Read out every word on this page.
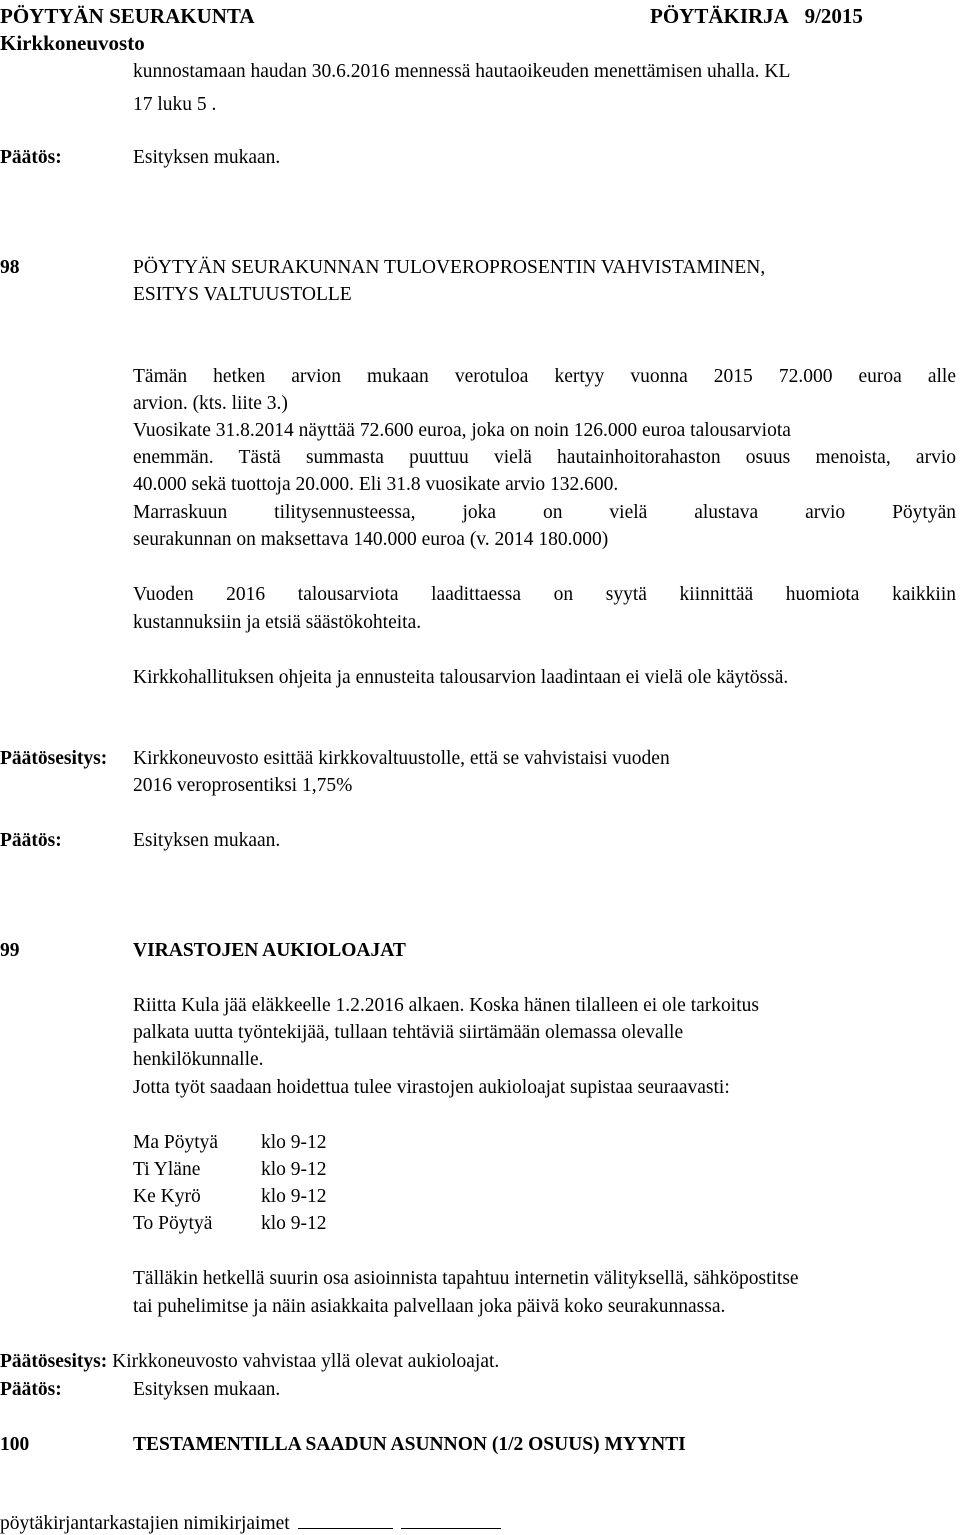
PÖYTYÄN SEURAKUNTA	PÖYTÄKIRJA 9/2015
Kirkkoneuvosto
kunnostamaan haudan 30.6.2016 mennessä hautaoikeuden menettämisen uhalla. KL
17 luku 5 .
Päätös:	Esityksen mukaan.
98	PÖYTYÄN SEURAKUNNAN TULOVEROPROSENTIN VAHVISTAMINEN,
ESITYS VALTUUSTOLLE
Tämän hetken arvion mukaan verotuloa kertyy vuonna 2015 72.000 euroa alle
arvion. (kts. liite 3.)
Vuosikate 31.8.2014 näyttää 72.600 euroa, joka on noin 126.000 euroa talousarviota
enemmän. Tästä summasta puuttuu vielä hautainhoitorahaston osuus menoista, arvio
40.000 sekä tuottoja 20.000. Eli 31.8 vuosikate arvio 132.600.
Marraskuun tilitysennusteessa, joka on vielä alustava arvio Pöytyän
seurakunnan on maksettava 140.000 euroa (v. 2014 180.000)
Vuoden 2016 talousarviota laadittaessa on syytä kiinnittää huomiota kaikkiin
kustannuksiin ja etsiä säästökohteita.
Kirkkohallituksen ohjeita ja ennusteita talousarvion laadintaan ei vielä ole käytössä.
Päätösesitys: Kirkkoneuvosto esittää kirkkovaltuustolle, että se vahvistaisi vuoden
2016 veroprosentiksi 1,75%
Päätös:	Esityksen mukaan.
99	VIRASTOJEN AUKIOLOAJAT
Riitta Kula jää eläkkeelle 1.2.2016 alkaen. Koska hänen tilalleen ei ole tarkoitus
palkata uutta työntekijää, tullaan tehtäviä siirtämään olemassa olevalle
henkilökunnalle.
Jotta työt saadaan hoidettua tulee virastojen aukioloajat supistaa seuraavasti:
Ma Pöytyä klo 9-12
Ti Yläne	klo 9-12
Ke Kyrö	klo 9-12
To Pöytyä klo 9-12
Tälläkin hetkellä suurin osa asioinnista tapahtuu internetin välityksellä, sähköpostitse
tai puhelimitse ja näin asiakkaita palvellaan joka päivä koko seurakunnassa.
Päätösesitys: Kirkkoneuvosto vahvistaa yllä olevat aukioloajat.
Päätös:	Esityksen mukaan.
100	TESTAMENTILLA SAADUN ASUNNON (1/2 OSUUS) MYYNTI
pöytäkirjantarkastajien nimikirjaimet
